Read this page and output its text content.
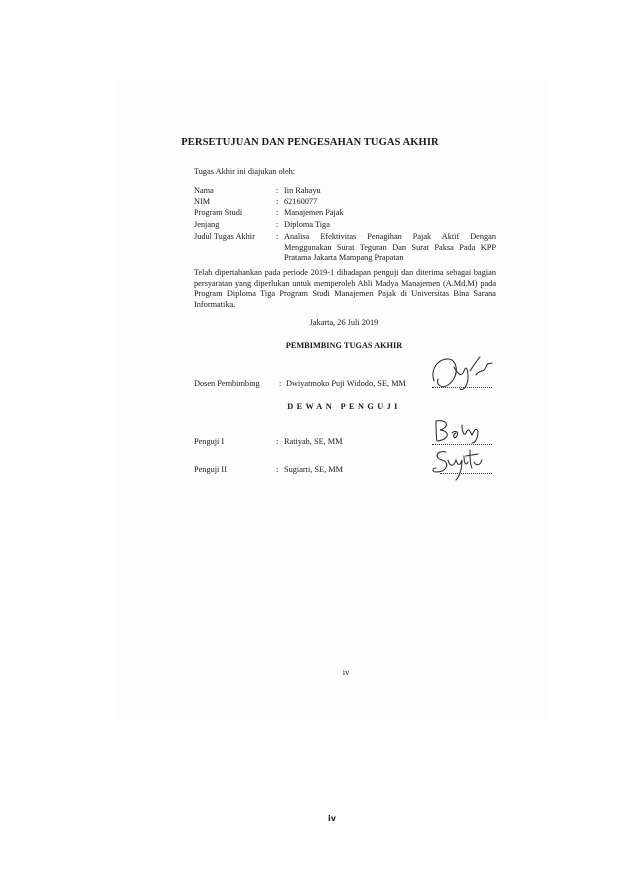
PERSETUJUAN DAN PENGESAHAN TUGAS AKHIR
Tugas Akhir ini diajukan oleh:
Nama	: Iin Rahayu
NIM	: 62160077
Program Studi	: Manajemen Pajak
Jenjang	: Diploma Tiga
Judul Tugas Akhir	: Analisa Efektivitas Penagihan Pajak Aktif Dengan Menggunakan Surat Teguran Dan Surat Paksa Pada KPP Pratama Jakarta Mampang Prapatan
Telah dipertahankan pada periode 2019-1 dihadapan penguji dan diterima sebagai bagian persyaratan yang diperlukan untuk memperoleh Ahli Madya Manajemen (A.Md.M) pada Program Diploma Tiga Program Studi Manajemen Pajak di Universitas Bina Sarana Informatika.
Jakarta, 26 Juli 2019
PEMBIMBING TUGAS AKHIR
Dosen Pembimbing : Dwiyatmoko Puji Widodo, SE, MM
DEWAN PENGUJI
Penguji I	: Ratiyah, SE, MM
Penguji II	: Sugiarti, SE, MM
iv
iv
